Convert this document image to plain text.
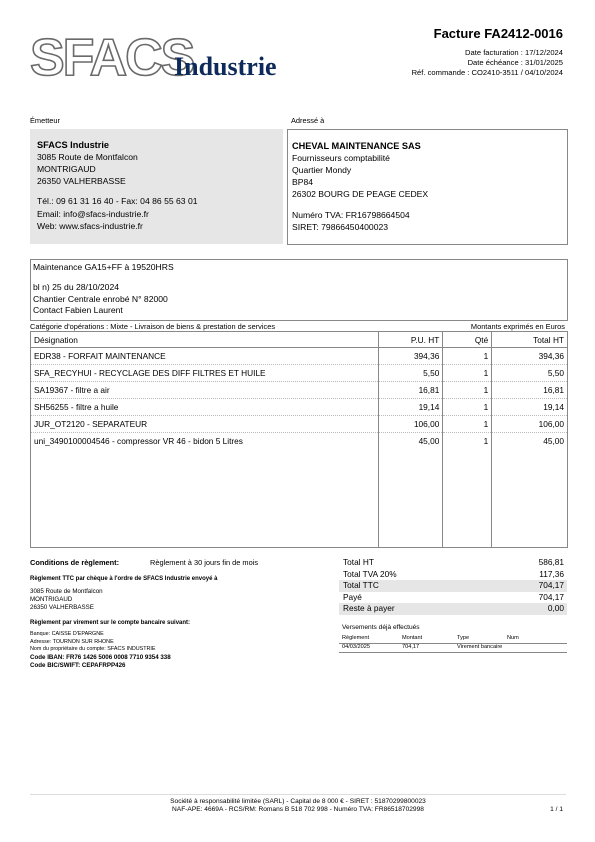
SFACS
Industrie
Facture FA2412-0016
Date facturation : 17/12/2024
Date échéance : 31/01/2025
Réf. commande : CO2410-3511 / 04/10/2024
Émetteur	Adressé à
SFACS Industrie
3085 Route de Montfalcon
MONTRIGAUD
26350 VALHERBASSE
Tél.: 09 61 31 16 40 - Fax: 04 86 55 63 01
Email: info@sfacs-industrie.fr
Web: www.sfacs-industrie.fr
CHEVAL MAINTENANCE SAS
Fournisseurs comptabilité
Quartier Mondy
BP84
26302 BOURG DE PEAGE CEDEX
Numéro TVA: FR16798664504
SIRET: 79866450400023
Maintenance GA15+FF à 19520HRS
bl n) 25 du 28/10/2024
Chantier Centrale enrobé N° 82000
Contact Fabien Laurent
Catégorie d'opérations : Mixte - Livraison de biens & prestation de services	Montants exprimés en Euros
Désignation	P.U. HT	Qté	Total HT
EDR38 - FORFAIT MAINTENANCE	394,36	1	394,36
SFA_RECYHUI - RECYCLAGE DES DIFF FILTRES ET HUILE	5,50	1	5,50
SA19367 - filtre a air	16,81	1	16,81
SH56255 - filtre a huile	19,14	1	19,14
JUR_OT2120 - SEPARATEUR	106,00	1	106,00
uni_3490100004546 - compressor VR 46 - bidon 5 Litres	45,00	1	45,00

Conditions de règlement:	Règlement à 30 jours fin de mois
Règlement TTC par chèque à l'ordre de SFACS Industrie envoyé à
3085 Route de Montfalcon
MONTRIGAUD
26350 VALHERBASSE
Règlement par virement sur le compte bancaire suivant:
Banque: CAISSE D'EPARGNE
Adresse: TOURNON SUR RHONE
Nom du propriétaire du compte: SFACS INDUSTRIE
Code IBAN: FR76 1426 5006 0008 7710 9354 338
Code BIC/SWIFT: CEPAFRPP426
Total HT	586,81
Total TVA 20%	117,36
Total TTC	704,17
Payé	704,17
Reste à payer	0,00
Versements déjà effectués
Règlement	Montant	Type	Num
04/03/2025	704,17	Virement bancaire
Société à responsabilité limitée (SARL) - Capital de 8 000 € - SIRET : 51870299800023
NAF-APE: 4669A - RCS/RM: Romans B 518 702 998 - Numéro TVA: FR86518702998	1 / 1
